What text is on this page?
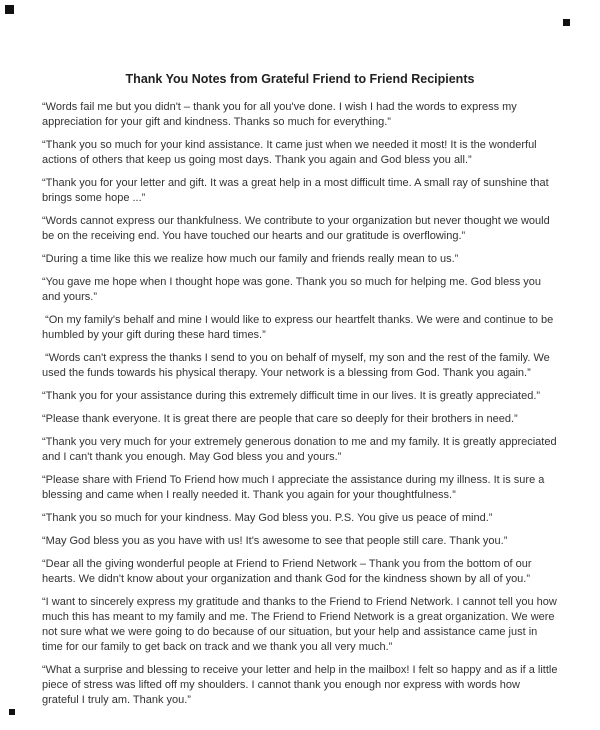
Thank You Notes from Grateful Friend to Friend Recipients

“Words fail me but you didn't – thank you for all you've done. I wish I had the words to express my appreciation for your gift and kindness. Thanks so much for everything.”

“Thank you so much for your kind assistance. It came just when we needed it most! It is the wonderful actions of others that keep us going most days. Thank you again and God bless you all.”

“Thank you for your letter and gift. It was a great help in a most difficult time. A small ray of sunshine that brings some hope ...”

“Words cannot express our thankfulness. We contribute to your organization but never thought we would be on the receiving end. You have touched our hearts and our gratitude is overflowing.”

“During a time like this we realize how much our family and friends really mean to us.”

“You gave me hope when I thought hope was gone. Thank you so much for helping me. God bless you and yours.”

“On my family's behalf and mine I would like to express our heartfelt thanks. We were and continue to be humbled by your gift during these hard times.”

“Words can't express the thanks I send to you on behalf of myself, my son and the rest of the family. We used the funds towards his physical therapy. Your network is a blessing from God. Thank you again.”

“Thank you for your assistance during this extremely difficult time in our lives. It is greatly appreciated.”

“Please thank everyone. It is great there are people that care so deeply for their brothers in need.”

“Thank you very much for your extremely generous donation to me and my family. It is greatly appreciated and I can't thank you enough. May God bless you and yours.”

“Please share with Friend To Friend how much I appreciate the assistance during my illness. It is sure a blessing and came when I really needed it. Thank you again for your thoughtfulness.”

“Thank you so much for your kindness. May God bless you. P.S. You give us peace of mind.”

“May God bless you as you have with us! It's awesome to see that people still care. Thank you.”

“Dear all the giving wonderful people at Friend to Friend Network – Thank you from the bottom of our hearts. We didn't know about your organization and thank God for the kindness shown by all of you.”

“I want to sincerely express my gratitude and thanks to the Friend to Friend Network. I cannot tell you how much this has meant to my family and me. The Friend to Friend Network is a great organization. We were not sure what we were going to do because of our situation, but your help and assistance came just in time for our family to get back on track and we thank you all very much.”

“What a surprise and blessing to receive your letter and help in the mailbox! I felt so happy and as if a little piece of stress was lifted off my shoulders. I cannot thank you enough nor express with words how grateful I truly am. Thank you.”
